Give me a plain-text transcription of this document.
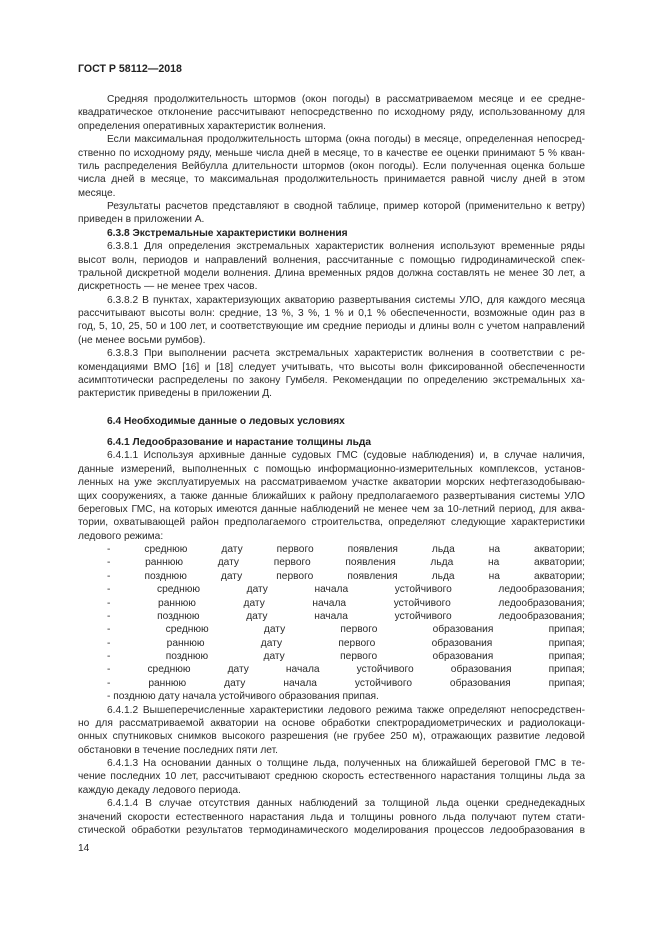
ГОСТ Р 58112—2018
Средняя продолжительность штормов (окон погоды) в рассматриваемом месяце и ее средне-
квадратическое отклонение рассчитывают непосредственно по исходному ряду, использованному для
определения оперативных характеристик волнения.
Если максимальная продолжительность шторма (окна погоды) в месяце, определенная непосред-
ственно по исходному ряду, меньше числа дней в месяце, то в качестве ее оценки принимают 5 % кван-
тиль распределения Вейбулла длительности штормов (окон погоды). Если полученная оценка больше
числа дней в месяце, то максимальная продолжительность принимается равной числу дней в этом
месяце.
Результаты расчетов представляют в сводной таблице, пример которой (применительно к ветру)
приведен в приложении А.
6.3.8 Экстремальные характеристики волнения
6.3.8.1 Для определения экстремальных характеристик волнения используют временные ряды
высот волн, периодов и направлений волнения, рассчитанные с помощью гидродинамической спек-
тральной дискретной модели волнения. Длина временных рядов должна составлять не менее 30 лет, а
дискретность — не менее трех часов.
6.3.8.2 В пунктах, характеризующих акваторию развертывания системы УЛО, для каждого месяца
рассчитывают высоты волн: средние, 13 %, 3 %, 1 % и 0,1 % обеспеченности, возможные один раз в
год, 5, 10, 25, 50 и 100 лет, и соответствующие им средние периоды и длины волн с учетом направлений
(не менее восьми румбов).
6.3.8.3 При выполнении расчета экстремальных характеристик волнения в соответствии с ре-
комендациями ВМО [16] и [18] следует учитывать, что высоты волн фиксированной обеспеченности
асимптотически распределены по закону Гумбеля. Рекомендации по определению экстремальных ха-
рактеристик приведены в приложении Д.
6.4 Необходимые данные о ледовых условиях
6.4.1 Ледообразование и нарастание толщины льда
6.4.1.1 Используя архивные данные судовых ГМС (судовые наблюдения) и, в случае наличия,
данные измерений, выполненных с помощью информационно-измерительных комплексов, установ-
ленных на уже эксплуатируемых на рассматриваемом участке акватории морских нефтегазодобываю-
щих сооружениях, а также данные ближайших к району предполагаемого развертывания системы УЛО
береговых ГМС, на которых имеются данные наблюдений не менее чем за 10-летний период, для аква-
тории, охватывающей район предполагаемого строительства, определяют следующие характеристики
ледового режима:
- среднюю дату первого появления льда на акватории;
- раннюю дату первого появления льда на акватории;
- позднюю дату первого появления льда на акватории;
- среднюю дату начала устойчивого ледообразования;
- раннюю дату начала устойчивого ледообразования;
- позднюю дату начала устойчивого ледообразования;
- среднюю дату первого образования припая;
- раннюю дату первого образования припая;
- позднюю дату первого образования припая;
- среднюю дату начала устойчивого образования припая;
- раннюю дату начала устойчивого образования припая;
- позднюю дату начала устойчивого образования припая.
6.4.1.2 Вышеперечисленные характеристики ледового режима также определяют непосредствен-
но для рассматриваемой акватории на основе обработки спектрорадиометрических и радиолокаци-
онных спутниковых снимков высокого разрешения (не грубее 250 м), отражающих развитие ледовой
обстановки в течение последних пяти лет.
6.4.1.3 На основании данных о толщине льда, полученных на ближайшей береговой ГМС в те-
чение последних 10 лет, рассчитывают среднюю скорость естественного нарастания толщины льда за
каждую декаду ледового периода.
6.4.1.4 В случае отсутствия данных наблюдений за толщиной льда оценки среднедекадных
значений скорости естественного нарастания льда и толщины ровного льда получают путем стати-
стической обработки результатов термодинамического моделирования процессов ледообразования в
14
